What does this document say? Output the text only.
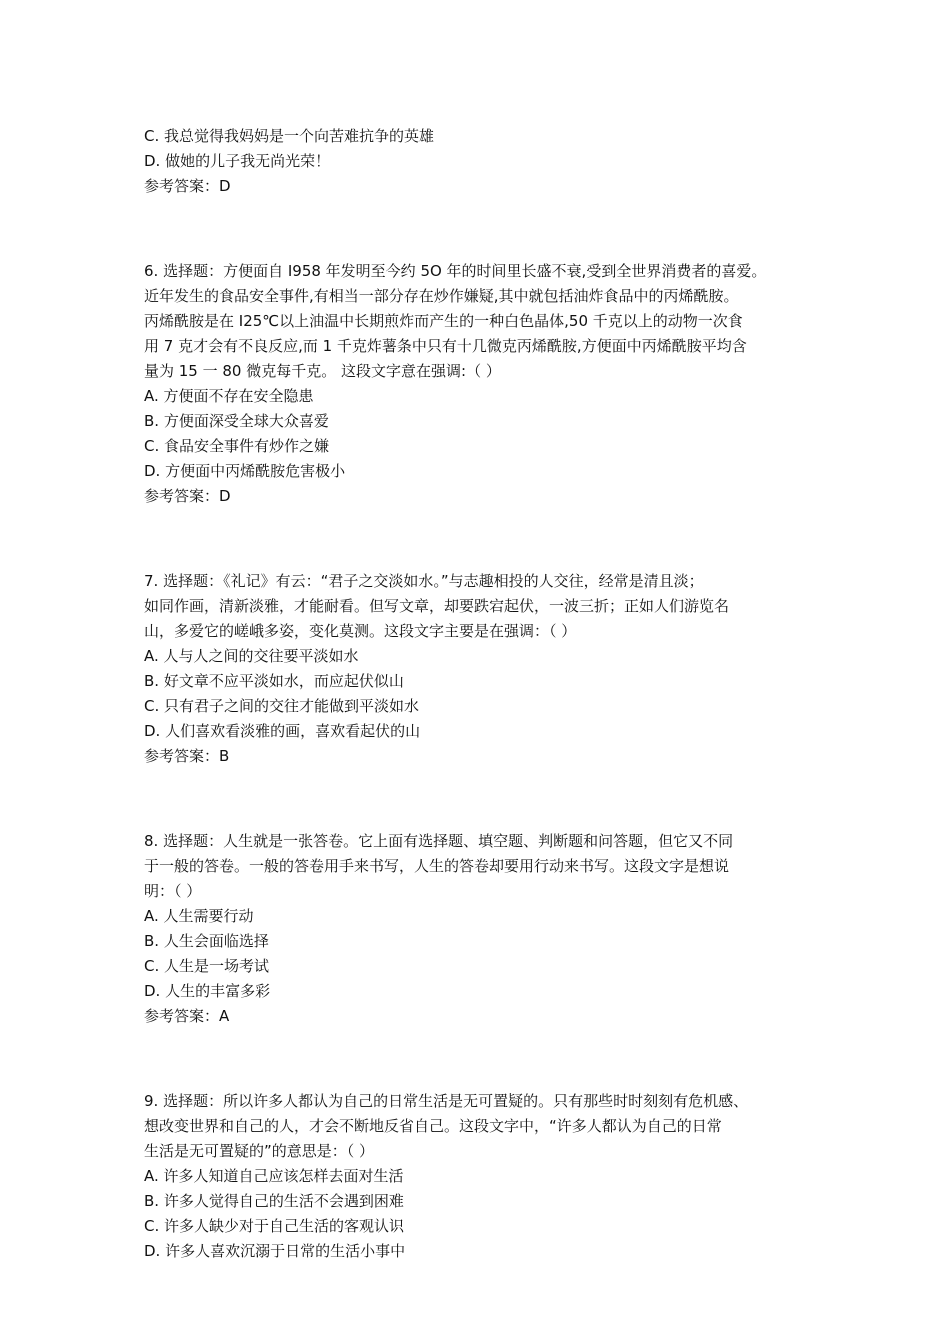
C. 我总觉得我妈妈是一个向苦难抗争的英雄
D. 做她的儿子我无尚光荣！
参考答案：D
6. 选择题：方便面自 I958 年发明至今约 5O 年的时间里长盛不衰,受到全世界消费者的喜爱。
近年发生的食品安全事件,有相当一部分存在炒作嫌疑,其中就包括油炸食品中的丙烯酰胺。
丙烯酰胺是在 I25℃以上油温中长期煎炸而产生的一种白色晶体,50 千克以上的动物一次食
用 7 克才会有不良反应,而 1 千克炸薯条中只有十几微克丙烯酰胺,方便面中丙烯酰胺平均含
量为 15 一 80 微克每千克。 这段文字意在强调:（ ）
A. 方便面不存在安全隐患
B. 方便面深受全球大众喜爱
C. 食品安全事件有炒作之嫌
D. 方便面中丙烯酰胺危害极小
参考答案：D
7. 选择题：《礼记》有云：“君子之交淡如水。”与志趣相投的人交往，经常是清且淡；
如同作画，清新淡雅，才能耐看。但写文章，却要跌宕起伏，一波三折；正如人们游览名
山，多爱它的嵯峨多姿，变化莫测。这段文字主要是在强调：（ ）
A. 人与人之间的交往要平淡如水
B. 好文章不应平淡如水，而应起伏似山
C. 只有君子之间的交往才能做到平淡如水
D. 人们喜欢看淡雅的画，喜欢看起伏的山
参考答案：B
8. 选择题：人生就是一张答卷。它上面有选择题、填空题、判断题和问答题，但它又不同
于一般的答卷。一般的答卷用手来书写，人生的答卷却要用行动来书写。这段文字是想说
明：（ ）
A. 人生需要行动
B. 人生会面临选择
C. 人生是一场考试
D. 人生的丰富多彩
参考答案：A
9. 选择题：所以许多人都认为自己的日常生活是无可置疑的。只有那些时时刻刻有危机感、
想改变世界和自己的人，才会不断地反省自己。这段文字中，“许多人都认为自己的日常
生活是无可置疑的”的意思是：（ ）
A. 许多人知道自己应该怎样去面对生活
B. 许多人觉得自己的生活不会遇到困难
C. 许多人缺少对于自己生活的客观认识
D. 许多人喜欢沉溺于日常的生活小事中
